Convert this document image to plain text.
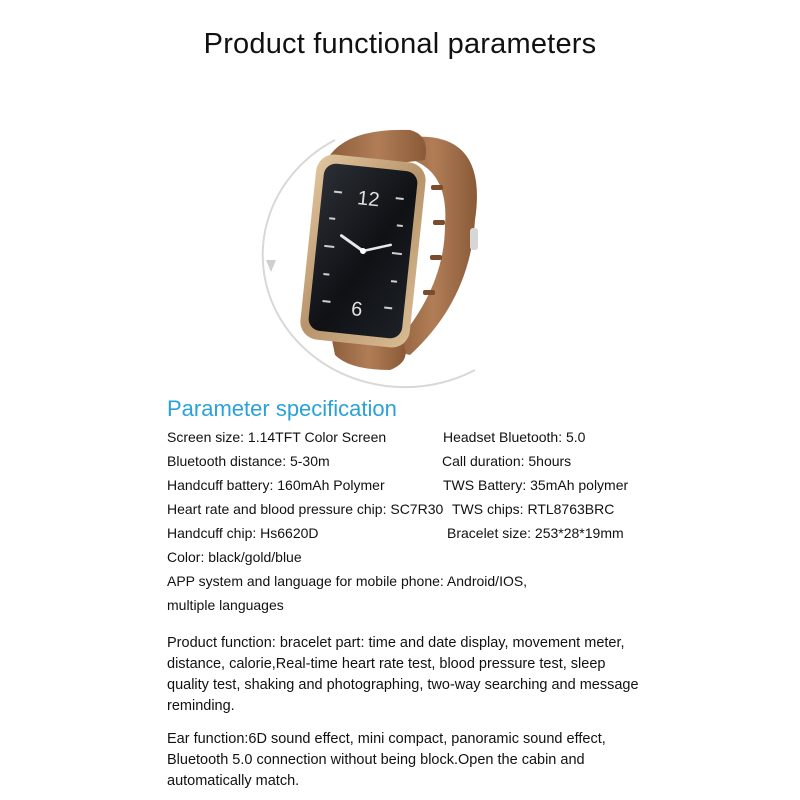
Product functional parameters
12
6
Parameter specification
Screen size: 1.14TFT Color Screen	Headset Bluetooth: 5.0
Bluetooth distance: 5-30m	Call duration: 5hours
Handcuff battery: 160mAh Polymer	TWS Battery: 35mAh polymer
Heart rate and blood pressure chip: SC7R30 TWS chips: RTL8763BRC
Handcuff chip: Hs6620D	Bracelet size: 253*28*19mm
Color: black/gold/blue
APP system and language for mobile phone: Android/IOS,
multiple languages
Product function: bracelet part: time and date display, movement meter, distance, calorie,Real-time heart rate test, blood pressure test, sleep quality test, shaking and photographing, two-way searching and message reminding.
Ear function:6D sound effect, mini compact, panoramic sound effect, Bluetooth 5.0 connection without being block.Open the cabin and automatically match.
